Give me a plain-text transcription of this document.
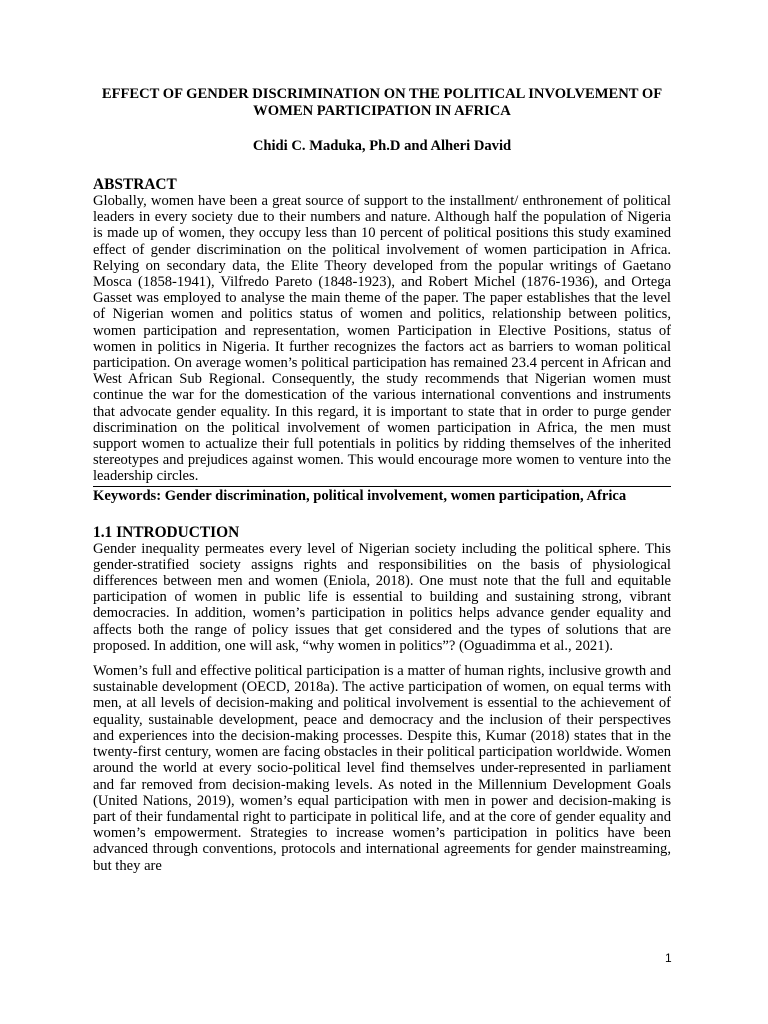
EFFECT OF GENDER DISCRIMINATION ON THE POLITICAL INVOLVEMENT OF WOMEN PARTICIPATION IN AFRICA

Chidi C. Maduka, Ph.D and Alheri David

ABSTRACT

Globally, women have been a great source of support to the installment/ enthronement of political leaders in every society due to their numbers and nature. Although half the population of Nigeria is made up of women, they occupy less than 10 percent of political positions this study examined effect of gender discrimination on the political involvement of women participation in Africa. Relying on secondary data, the Elite Theory developed from the popular writings of Gaetano Mosca (1858-1941), Vilfredo Pareto (1848-1923), and Robert Michel (1876-1936), and Ortega Gasset was employed to analyse the main theme of the paper. The paper establishes that the level of Nigerian women and politics status of women and politics, relationship between politics, women participation and representation, women Participation in Elective Positions, status of women in politics in Nigeria. It further recognizes the factors act as barriers to woman political participation. On average women’s political participation has remained 23.4 percent in African and West African Sub Regional. Consequently, the study recommends that Nigerian women must continue the war for the domestication of the various international conventions and instruments that advocate gender equality. In this regard, it is important to state that in order to purge gender discrimination on the political involvement of women participation in Africa, the men must support women to actualize their full potentials in politics by ridding themselves of the inherited stereotypes and prejudices against women. This would encourage more women to venture into the leadership circles.

Keywords: Gender discrimination, political involvement, women participation, Africa

1.1 INTRODUCTION

Gender inequality permeates every level of Nigerian society including the political sphere. This gender-stratified society assigns rights and responsibilities on the basis of physiological differences between men and women (Eniola, 2018). One must note that the full and equitable participation of women in public life is essential to building and sustaining strong, vibrant democracies. In addition, women’s participation in politics helps advance gender equality and affects both the range of policy issues that get considered and the types of solutions that are proposed. In addition, one will ask, “why women in politics”? (Oguadimma et al., 2021).

Women’s full and effective political participation is a matter of human rights, inclusive growth and sustainable development (OECD, 2018a). The active participation of women, on equal terms with men, at all levels of decision-making and political involvement is essential to the achievement of equality, sustainable development, peace and democracy and the inclusion of their perspectives and experiences into the decision-making processes. Despite this, Kumar (2018) states that in the twenty-first century, women are facing obstacles in their political participation worldwide. Women around the world at every socio-political level find themselves under-represented in parliament and far removed from decision-making levels. As noted in the Millennium Development Goals (United Nations, 2019), women’s equal participation with men in power and decision-making is part of their fundamental right to participate in political life, and at the core of gender equality and women’s empowerment. Strategies to increase women’s participation in politics have been advanced through conventions, protocols and international agreements for gender mainstreaming, but they are

1
